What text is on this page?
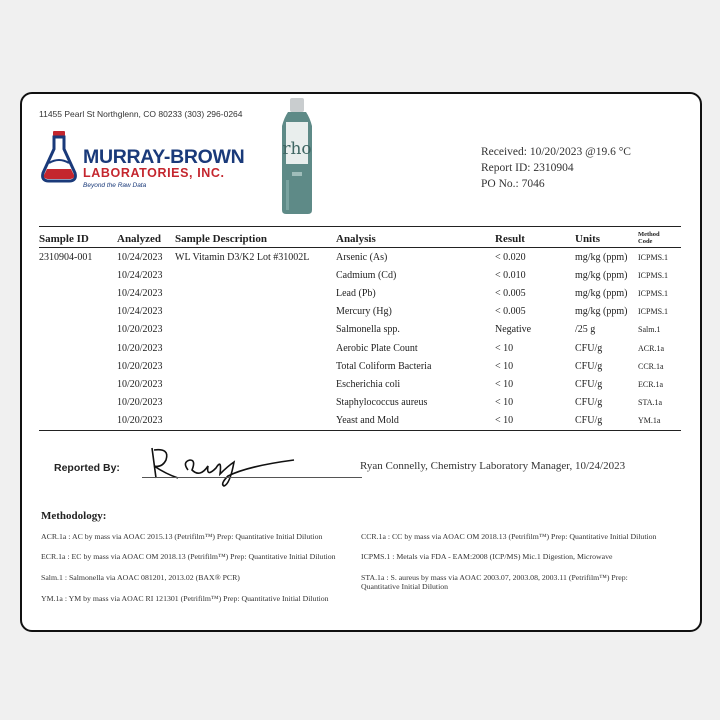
11455 Pearl St Northglenn, CO 80233 (303) 296-0264
MURRAY-BROWN
LABORATORIES, INC.
Beyond the Raw Data
rho	Received: 10/20/2023 @19.6 °C
Report ID: 2310904
PO No.: 7046
Sample ID	Analyzed	Sample Description	Analysis	Result	Units	Method
Code
2310904-001	10/24/2023	WL Vitamin D3/K2 Lot #31002L	Arsenic (As)	< 0.020	mg/kg (ppm)	ICPMS.1
	10/24/2023		Cadmium (Cd)	< 0.010	mg/kg (ppm)	ICPMS.1
	10/24/2023		Lead (Pb)	< 0.005	mg/kg (ppm)	ICPMS.1
	10/24/2023		Mercury (Hg)	< 0.005	mg/kg (ppm)	ICPMS.1
	10/20/2023		Salmonella spp.	Negative	/25 g	Salm.1
	10/20/2023		Aerobic Plate Count	< 10	CFU/g	ACR.1a
	10/20/2023		Total Coliform Bacteria	< 10	CFU/g	CCR.1a
	10/20/2023		Escherichia coli	< 10	CFU/g	ECR.1a
	10/20/2023		Staphylococcus aureus	< 10	CFU/g	STA.1a
	10/20/2023		Yeast and Mold	< 10	CFU/g	YM.1a
Reported By:	Ryan Connelly, Chemistry Laboratory Manager, 10/24/2023
Methodology:
ACR.1a : AC by mass via AOAC 2015.13 (Petrifilm™) Prep: Quantitative Initial Dilution	CCR.1a : CC by mass via AOAC OM 2018.13 (Petrifilm™) Prep: Quantitative Initial Dilution
ECR.1a : EC by mass via AOAC OM 2018.13 (Petrifilm™) Prep: Quantitative Initial Dilution	ICPMS.1 : Metals via FDA - EAM:2008 (ICP/MS) Mic.1 Digestion, Microwave
Salm.1 : Salmonella via AOAC 081201, 2013.02 (BAX® PCR)	STA.1a : S. aureus by mass via AOAC 2003.07, 2003.08, 2003.11 (Petrifilm™) Prep: Quantitative Initial Dilution
YM.1a : YM by mass via AOAC RI 121301 (Petrifilm™) Prep: Quantitative Initial Dilution
